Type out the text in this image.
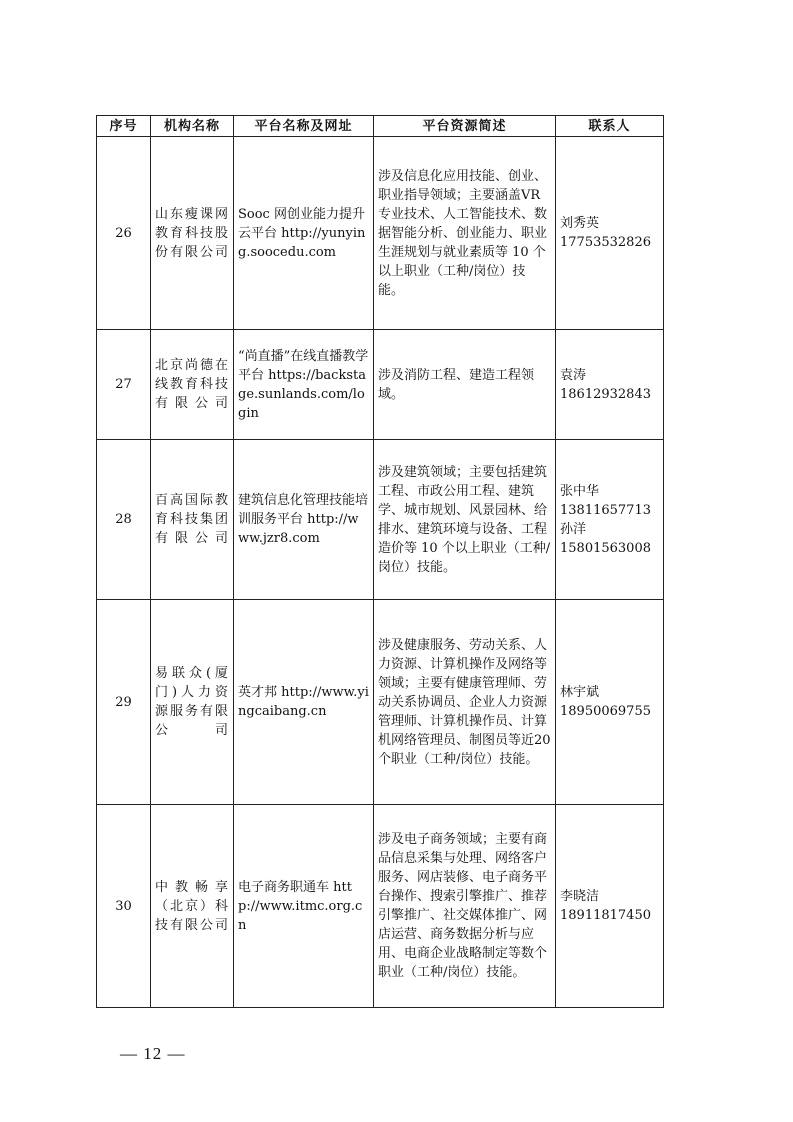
序号	机构名称	平台名称及网址	平台资源简述	联系人
26	山东瘦课网教育科技股份有限公司	Sooc 网创业能力提升云平台 http://yunying.soocedu.com	涉及信息化应用技能、创业、职业指导领域；主要涵盖VR专业技术、人工智能技术、数据智能分析、创业能力、职业生涯规划与就业素质等 10 个以上职业（工种/岗位）技能。	刘秀英
17753532826

27	北京尚德在线教育科技有限公司	“尚直播”在线直播教学平台 https://backstage.sunlands.com/login	涉及消防工程、建造工程领域。	袁涛
18612932843

28	百高国际教育科技集团有限公司	建筑信息化管理技能培训服务平台 http://www.jzr8.com	涉及建筑领域；主要包括建筑工程、市政公用工程、建筑学、城市规划、风景园林、给排水、建筑环境与设备、工程造价等 10 个以上职业（工种/岗位）技能。	张中华
13811657713
孙洋
15801563008

29	易联众(厦门)人力资源服务有限公司	英才邦 http://www.yingcaibang.cn	涉及健康服务、劳动关系、人力资源、计算机操作及网络等领域；主要有健康管理师、劳动关系协调员、企业人力资源管理师、计算机操作员、计算机网络管理员、制图员等近20个职业（工种/岗位）技能。	林宇斌
18950069755

30	中教畅享（北京）科技有限公司	电子商务职通车 http://www.itmc.org.cn	涉及电子商务领域；主要有商品信息采集与处理、网络客户服务、网店装修、电子商务平台操作、搜索引擎推广、推荐引擎推广、社交媒体推广、网店运营、商务数据分析与应用、电商企业战略制定等数个职业（工种/岗位）技能。	李晓洁
18911817450
— 12 —
